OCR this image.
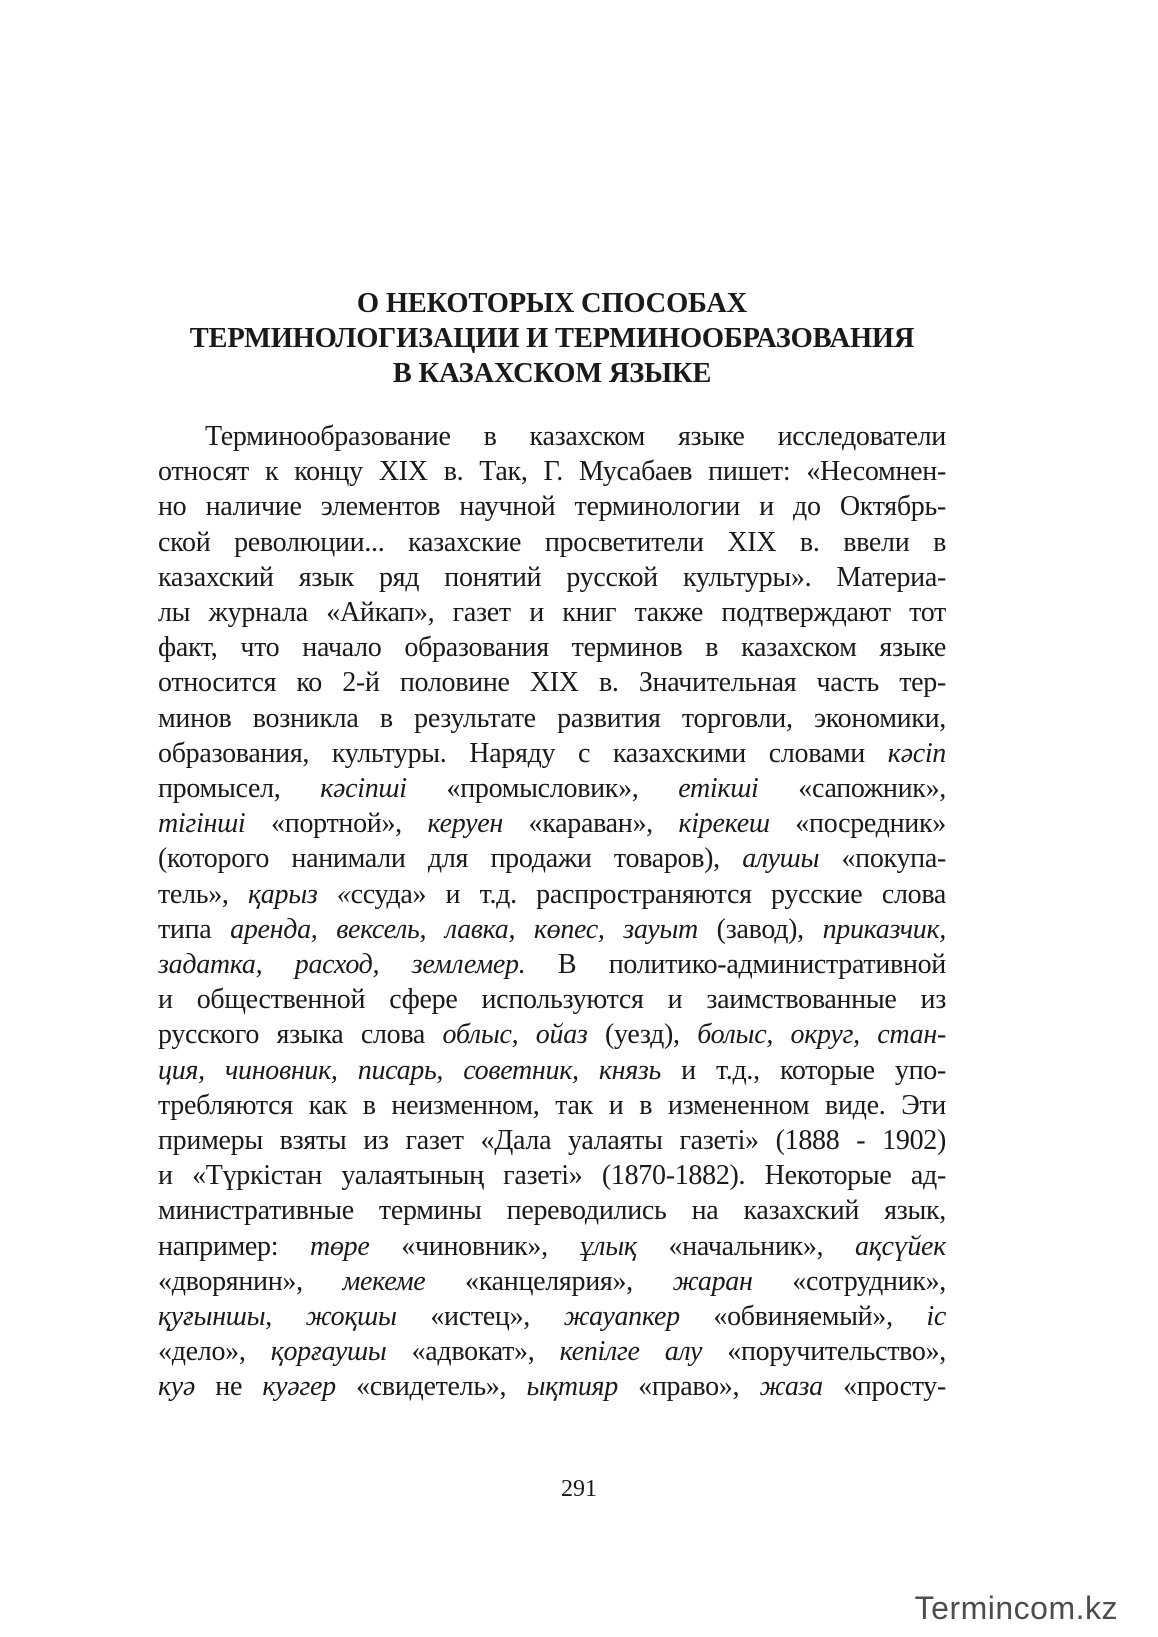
О НЕКОТОРЫХ СПОСОБАХ
ТЕРМИНОЛОГИЗАЦИИ И ТЕРМИНООБРАЗОВАНИЯ
В КАЗАХСКОМ ЯЗЫКЕ
Терминообразование в казахском языке исследователи
относят к концу XIX в. Так, Г. Мусабаев пишет: «Несомнен-
но наличие элементов научной терминологии и до Октябрь-
ской революции... казахские просветители XIX в. ввели в
казахский язык ряд понятий русской культуры». Материа-
лы журнала «Айкап», газет и книг также подтверждают тот
факт, что начало образования терминов в казахском языке
относится ко 2-й половине XIX в. Значительная часть тер-
минов возникла в результате развития торговли, экономики,
образования, культуры. Наряду с казахскими словами кәсіп
промысел, кәсіпші «промысловик», етікші «сапожник»,
тігінші «портной», керуен «караван», кірекеш «посредник»
(которого нанимали для продажи товаров), алушы «покупа-
тель», қарыз «ссуда» и т.д. распространяются русские слова
типа аренда, вексель, лавка, көпес, зауыт (завод), приказчик,
задатка, расход, землемер. В политико-административной
и общественной сфере используются и заимствованные из
русского языка слова облыс, ойаз (уезд), болыс, округ, стан-
ция, чиновник, писарь, советник, князь и т.д., которые упо-
требляются как в неизменном, так и в измененном виде. Эти
примеры взяты из газет «Дала уалаяты газеті» (1888 - 1902)
и «Түркістан уалаятының газеті» (1870-1882). Некоторые ад-
министративные термины переводились на казахский язык,
например: төре «чиновник», ұлық «начальник», ақсүйек
«дворянин», мекеме «канцелярия», жаран «сотрудник»,
қуғыншы, жоқшы «истец», жауапкер «обвиняемый», іс
«дело», қорғаушы «адвокат», кепілге алу «поручительство»,
куә не куәгер «свидетель», ықтияр «право», жаза «просту-
291
Termincom.kz
